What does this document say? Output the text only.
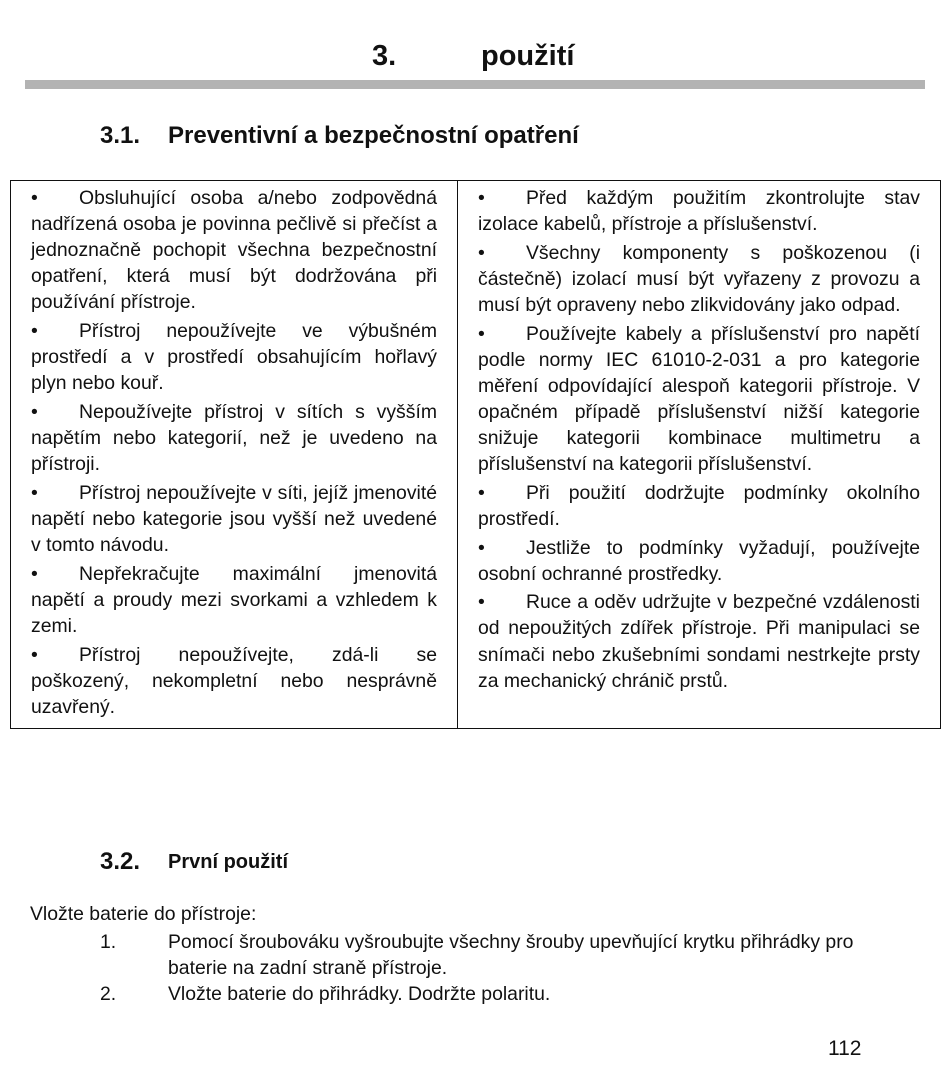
3.	použití
3.1. Preventivní a bezpečnostní opatření

• Obsluhující osoba a/nebo zodpovědná nadřízená osoba je povinna pečlivě si přečíst a jednoznačně pochopit všechna bezpečnostní opatření, která musí být dodržována při používání přístroje.

• Přístroj nepoužívejte ve výbušném prostředí a v prostředí obsahujícím hořlavý plyn nebo kouř.

• Nepoužívejte přístroj v sítích s vyšším napětím nebo kategorií, než je uvedeno na přístroji.

• Přístroj nepoužívejte v síti, jejíž jmenovité napětí nebo kategorie jsou vyšší než uvedené v tomto návodu.

• Nepřekračujte maximální jmenovitá napětí a proudy mezi svorkami a vzhledem k zemi.

• Přístroj nepoužívejte, zdá-li se poškozený, nekompletní nebo nesprávně uzavřený.

• Před každým použitím zkontrolujte stav izolace kabelů, přístroje a příslušenství.

• Všechny komponenty s poškozenou (i částečně) izolací musí být vyřazeny z provozu a musí být opraveny nebo zlikvidovány jako odpad.

• Používejte kabely a příslušenství pro napětí podle normy IEC 61010-2-031 a pro kategorie měření odpovídající alespoň kategorii přístroje. V opačném případě příslušenství nižší kategorie snižuje kategorii kombinace multimetru a příslušenství na kategorii příslušenství.

• Při použití dodržujte podmínky okolního prostředí.

• Jestliže to podmínky vyžadují, používejte osobní ochranné prostředky.

• Ruce a oděv udržujte v bezpečné vzdálenosti od nepoužitých zdířek přístroje. Při manipulaci se snímači nebo zkušebními sondami nestrkejte prsty za mechanický chránič prstů.

3.2. První použití
Vložte baterie do přístroje:
1.	Pomocí šroubováku vyšroubujte všechny šrouby upevňující krytku přihrádky pro baterie na zadní straně přístroje.
2.	Vložte baterie do přihrádky. Dodržte polaritu.
112
